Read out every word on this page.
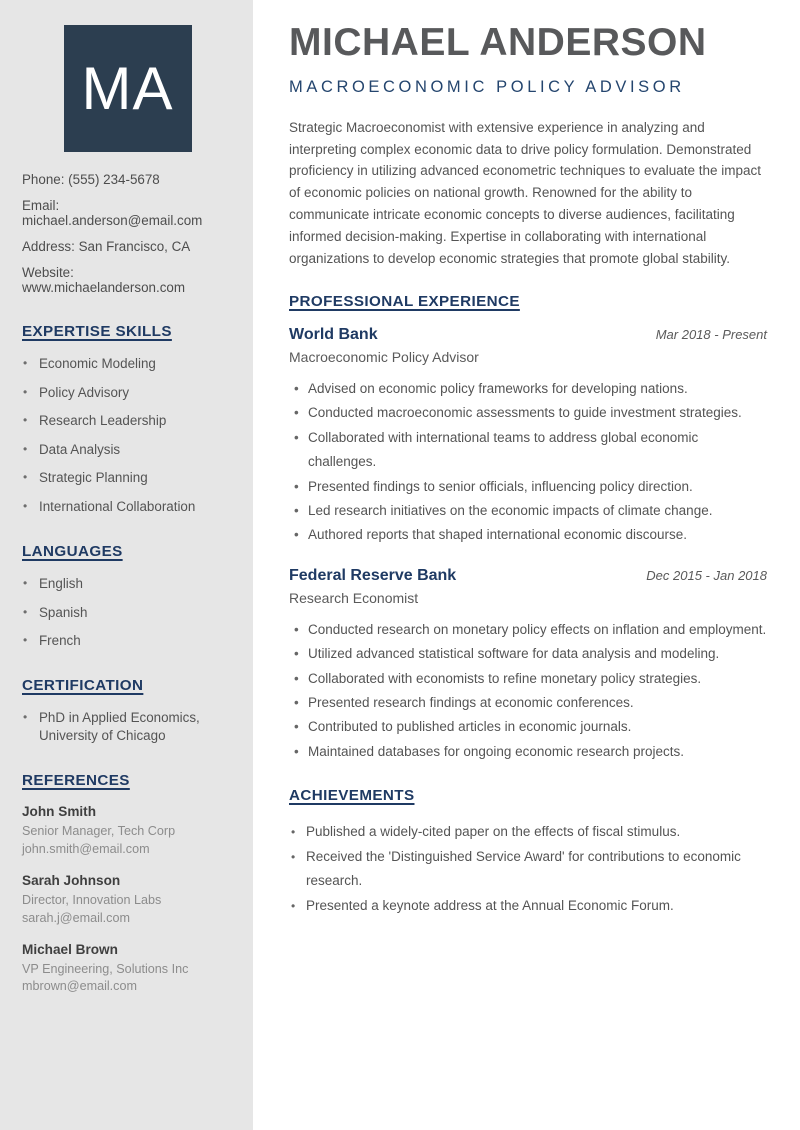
MA
Phone: (555) 234-5678
Email: michael.anderson@email.com
Address: San Francisco, CA
Website: www.michaelanderson.com
EXPERTISE SKILLS
• Economic Modeling
• Policy Advisory
• Research Leadership
• Data Analysis
• Strategic Planning
• International Collaboration
LANGUAGES
• English
• Spanish
• French
CERTIFICATION
• PhD in Applied Economics, University of Chicago
REFERENCES
John Smith
Senior Manager, Tech Corp
john.smith@email.com
Sarah Johnson
Director, Innovation Labs
sarah.j@email.com
Michael Brown
VP Engineering, Solutions Inc
mbrown@email.com
MICHAEL ANDERSON
MACROECONOMIC POLICY ADVISOR

Strategic Macroeconomist with extensive experience in analyzing and interpreting complex economic data to drive policy formulation. Demonstrated proficiency in utilizing advanced econometric techniques to evaluate the impact of economic policies on national growth. Renowned for the ability to communicate intricate economic concepts to diverse audiences, facilitating informed decision-making. Expertise in collaborating with international organizations to develop economic strategies that promote global stability.

PROFESSIONAL EXPERIENCE
World Bank	Mar 2018 - Present
Macroeconomic Policy Advisor
• Advised on economic policy frameworks for developing nations.
• Conducted macroeconomic assessments to guide investment strategies.
• Collaborated with international teams to address global economic challenges.
• Presented findings to senior officials, influencing policy direction.
• Led research initiatives on the economic impacts of climate change.
• Authored reports that shaped international economic discourse.
Federal Reserve Bank	Dec 2015 - Jan 2018
Research Economist
• Conducted research on monetary policy effects on inflation and employment.
• Utilized advanced statistical software for data analysis and modeling.
• Collaborated with economists to refine monetary policy strategies.
• Presented research findings at economic conferences.
• Contributed to published articles in economic journals.
• Maintained databases for ongoing economic research projects.
ACHIEVEMENTS
• Published a widely-cited paper on the effects of fiscal stimulus.
• Received the 'Distinguished Service Award' for contributions to economic research.
• Presented a keynote address at the Annual Economic Forum.
